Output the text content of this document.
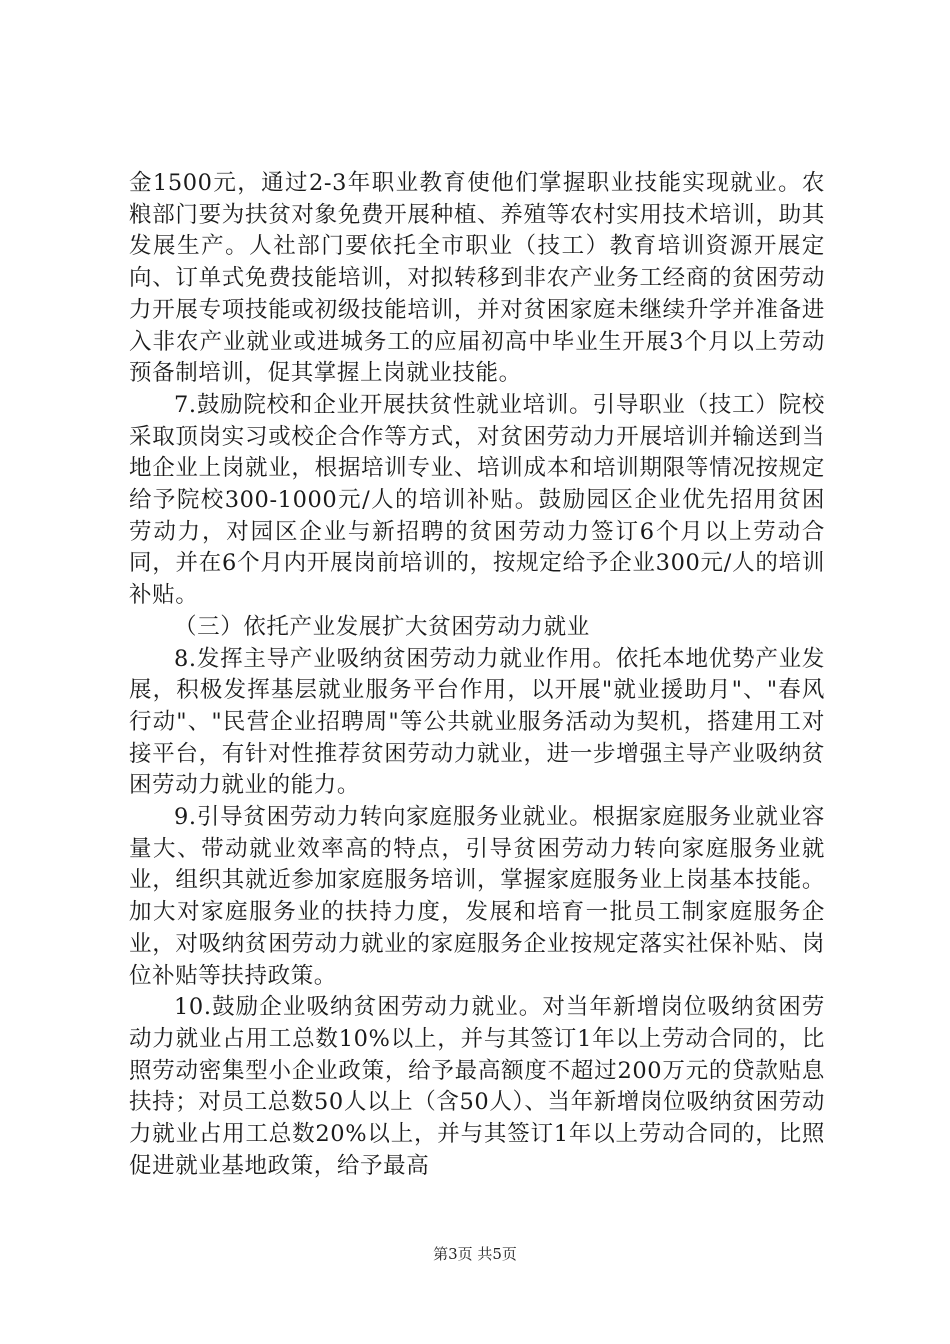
金1500元，通过2-3年职业教育使他们掌握职业技能实现就业。农粮部门要为扶贫对象免费开展种植、养殖等农村实用技术培训，助其发展生产。人社部门要依托全市职业（技工）教育培训资源开展定向、订单式免费技能培训，对拟转移到非农产业务工经商的贫困劳动力开展专项技能或初级技能培训，并对贫困家庭未继续升学并准备进入非农产业就业或进城务工的应届初高中毕业生开展3个月以上劳动预备制培训，促其掌握上岗就业技能。

7.鼓励院校和企业开展扶贫性就业培训。引导职业（技工）院校采取顶岗实习或校企合作等方式，对贫困劳动力开展培训并输送到当地企业上岗就业，根据培训专业、培训成本和培训期限等情况按规定给予院校300-1000元/人的培训补贴。鼓励园区企业优先招用贫困劳动力，对园区企业与新招聘的贫困劳动力签订6个月以上劳动合同，并在6个月内开展岗前培训的，按规定给予企业300元/人的培训补贴。

（三）依托产业发展扩大贫困劳动力就业

8.发挥主导产业吸纳贫困劳动力就业作用。依托本地优势产业发展，积极发挥基层就业服务平台作用，以开展"就业援助月"、"春风行动"、"民营企业招聘周"等公共就业服务活动为契机，搭建用工对接平台，有针对性推荐贫困劳动力就业，进一步增强主导产业吸纳贫困劳动力就业的能力。

9.引导贫困劳动力转向家庭服务业就业。根据家庭服务业就业容量大、带动就业效率高的特点，引导贫困劳动力转向家庭服务业就业，组织其就近参加家庭服务培训，掌握家庭服务业上岗基本技能。加大对家庭服务业的扶持力度，发展和培育一批员工制家庭服务企业，对吸纳贫困劳动力就业的家庭服务企业按规定落实社保补贴、岗位补贴等扶持政策。

10.鼓励企业吸纳贫困劳动力就业。对当年新增岗位吸纳贫困劳动力就业占用工总数10%以上，并与其签订1年以上劳动合同的，比照劳动密集型小企业政策，给予最高额度不超过200万元的贷款贴息扶持；对员工总数50人以上（含50人）、当年新增岗位吸纳贫困劳动力就业占用工总数20%以上，并与其签订1年以上劳动合同的，比照促进就业基地政策，给予最高

第3页 共5页
